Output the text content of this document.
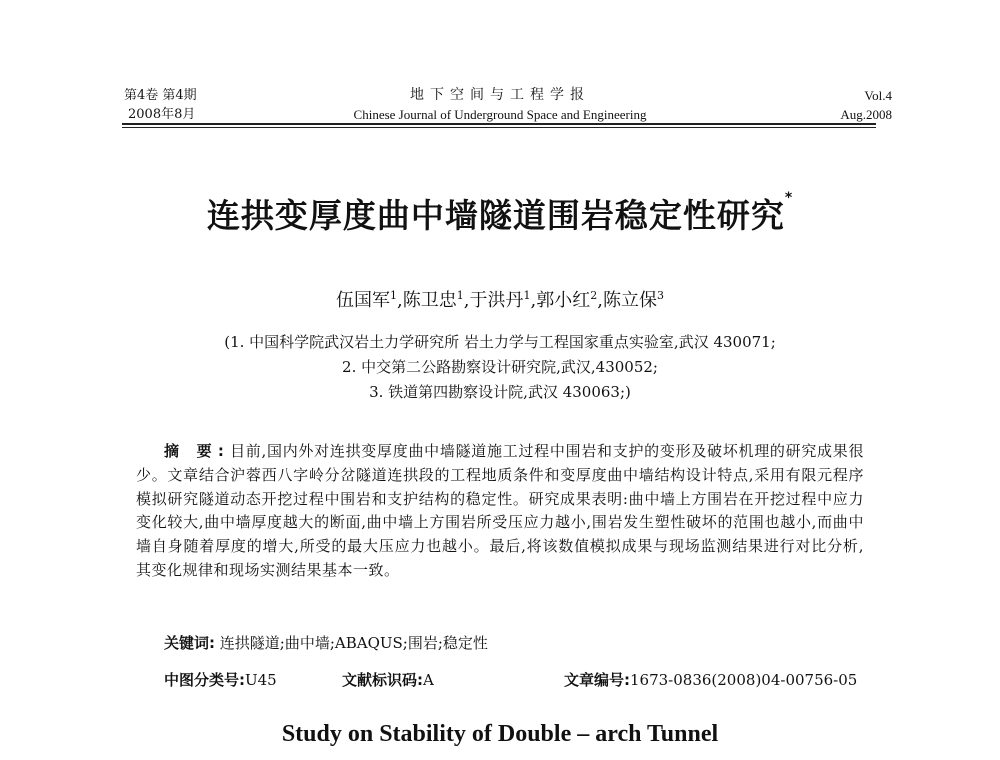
第4卷 第4期
2008年8月
地下空间与工程学报
Chinese Journal of Underground Space and Engineering
Vol.4
Aug.2008
连拱变厚度曲中墙隧道围岩稳定性研究*
伍国军$^1$,陈卫忠$^1$,于洪丹$^1$,郭小红$^2$,陈立保$^3$
(1. 中国科学院武汉岩土力学研究所 岩土力学与工程国家重点实验室,武汉 430071;
2. 中交第二公路勘察设计研究院,武汉,430052;
3. 铁道第四勘察设计院,武汉 430063;)
摘 要:目前,国内外对连拱变厚度曲中墙隧道施工过程中围岩和支护的变形及破坏机理的研究成果很少。文章结合沪蓉西八字岭分岔隧道连拱段的工程地质条件和变厚度曲中墙结构设计特点,采用有限元程序模拟研究隧道动态开挖过程中围岩和支护结构的稳定性。研究成果表明:曲中墙上方围岩在开挖过程中应力变化较大,曲中墙厚度越大的断面,曲中墙上方围岩所受压应力越小,围岩发生塑性破坏的范围也越小,而曲中墙自身随着厚度的增大,所受的最大压应力也越小。最后,将该数值模拟成果与现场监测结果进行对比分析,其变化规律和现场实测结果基本一致。
关键词: 连拱隧道;曲中墙;ABAQUS;围岩;稳定性
中图分类号:U45	文献标识码:A	文章编号:1673-0836(2008)04-00756-05
Study on Stability of Double – arch Tunnel
